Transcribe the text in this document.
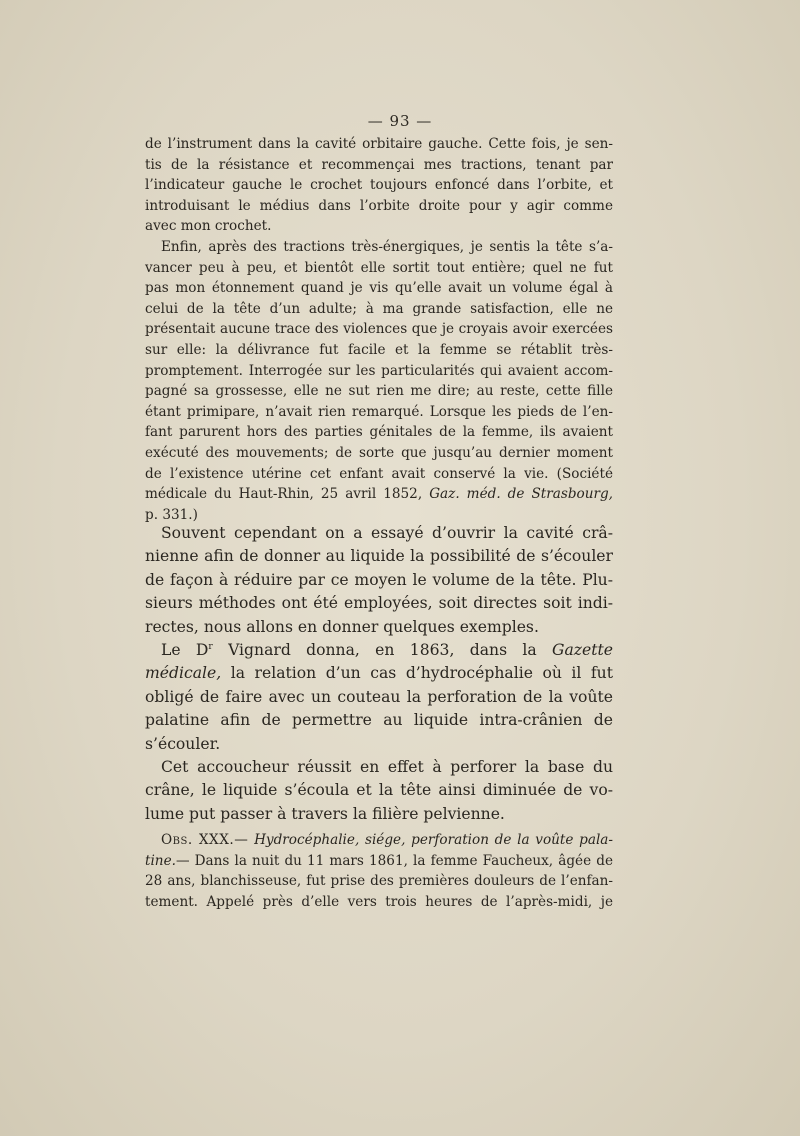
— 93 —
de l’instrument dans la cavité orbitaire gauche. Cette fois, je sen-
tis de la résistance et recommençai mes tractions, tenant par
l’indicateur gauche le crochet toujours enfoncé dans l’orbite, et
introduisant le médius dans l’orbite droite pour y agir comme
avec mon crochet.
Enfin, après des tractions très-énergiques, je sentis la tête s’a-
vancer peu à peu, et bientôt elle sortit tout entière; quel ne fut
pas mon étonnement quand je vis qu’elle avait un volume égal à
celui de la tête d’un adulte; à ma grande satisfaction, elle ne
présentait aucune trace des violences que je croyais avoir exercées
sur elle: la délivrance fut facile et la femme se rétablit très-
promptement. Interrogée sur les particularités qui avaient accom-
pagné sa grossesse, elle ne sut rien me dire; au reste, cette fille
étant primipare, n’avait rien remarqué. Lorsque les pieds de l’en-
fant parurent hors des parties génitales de la femme, ils avaient
exécuté des mouvements; de sorte que jusqu’au dernier moment
de l’existence utérine cet enfant avait conservé la vie. (Société
médicale du Haut-Rhin, 25 avril 1852, Gaz. méd. de Strasbourg,
p. 331.)
Souvent cependant on a essayé d’ouvrir la cavité crâ-
nienne afin de donner au liquide la possibilité de s’écouler
de façon à réduire par ce moyen le volume de la tête. Plu-
sieurs méthodes ont été employées, soit directes soit indi-
rectes, nous allons en donner quelques exemples.
Le $D^r$ Vignard donna, en 1863, dans la Gazette
médicale, la relation d’un cas d’hydrocéphalie où il fut
obligé de faire avec un couteau la perforation de la voûte
palatine afin de permettre au liquide intra-crânien de
s’écouler.
Cet accoucheur réussit en effet à perforer la base du
crâne, le liquide s’écoula et la tête ainsi diminuée de vo-
lume put passer à travers la filière pelvienne.
Obs. XXX.— Hydrocéphalie, siége, perforation de la voûte pala-
tine.— Dans la nuit du 11 mars 1861, la femme Faucheux, âgée de
28 ans, blanchisseuse, fut prise des premières douleurs de l’enfan-
tement. Appelé près d’elle vers trois heures de l’après-midi, je
